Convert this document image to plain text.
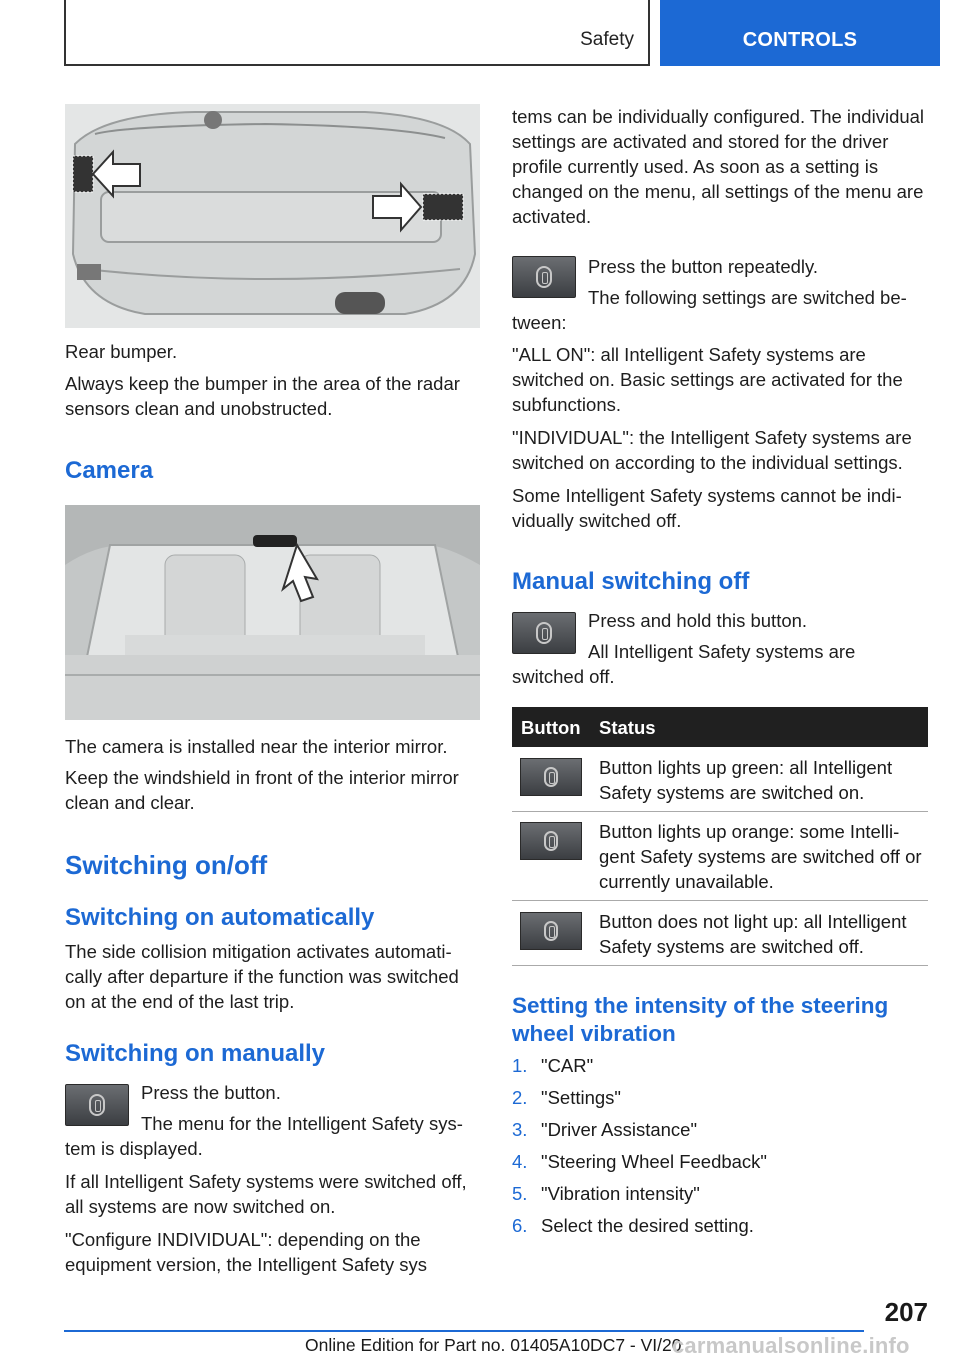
Safety	CONTROLS

Rear bumper.

Always keep the bumper in the area of the radar sensors clean and unobstructed.

Camera

The camera is installed near the interior mirror.

Keep the windshield in front of the interior mirror clean and clear.

Switching on/off
Switching on automatically

The side collision mitigation activates automatically after departure if the function was switched on at the end of the last trip.

Switching on manually

Press the button.

The menu for the Intelligent Safety system is displayed.

If all Intelligent Safety systems were switched off, all systems are now switched on.

"Configure INDIVIDUAL": depending on the equipment version, the Intelligent Safety sys

tems can be individually configured. The individual settings are activated and stored for the driver profile currently used. As soon as a setting is changed on the menu, all settings of the menu are activated.

Press the button repeatedly.

The following settings are switched between:

"ALL ON": all Intelligent Safety systems are switched on. Basic settings are activated for the subfunctions.

"INDIVIDUAL": the Intelligent Safety systems are switched on according to the individual settings.

Some Intelligent Safety systems cannot be individually switched off.

Manual switching off

Press and hold this button.

All Intelligent Safety systems are switched off.

Button Status

Button lights up green: all Intelligent Safety systems are switched on.

Button lights up orange: some Intelligent Safety systems are switched off or currently unavailable.

Button does not light up: all Intelligent Safety systems are switched off.

Setting the intensity of the steering wheel vibration
1. "CAR"
2. "Settings"
3. "Driver Assistance"
4. "Steering Wheel Feedback"
5. "Vibration intensity"
6. Select the desired setting.
207
Online Edition for Part no. 01405A10DC7 - VI/20
carmanualsonline.info
